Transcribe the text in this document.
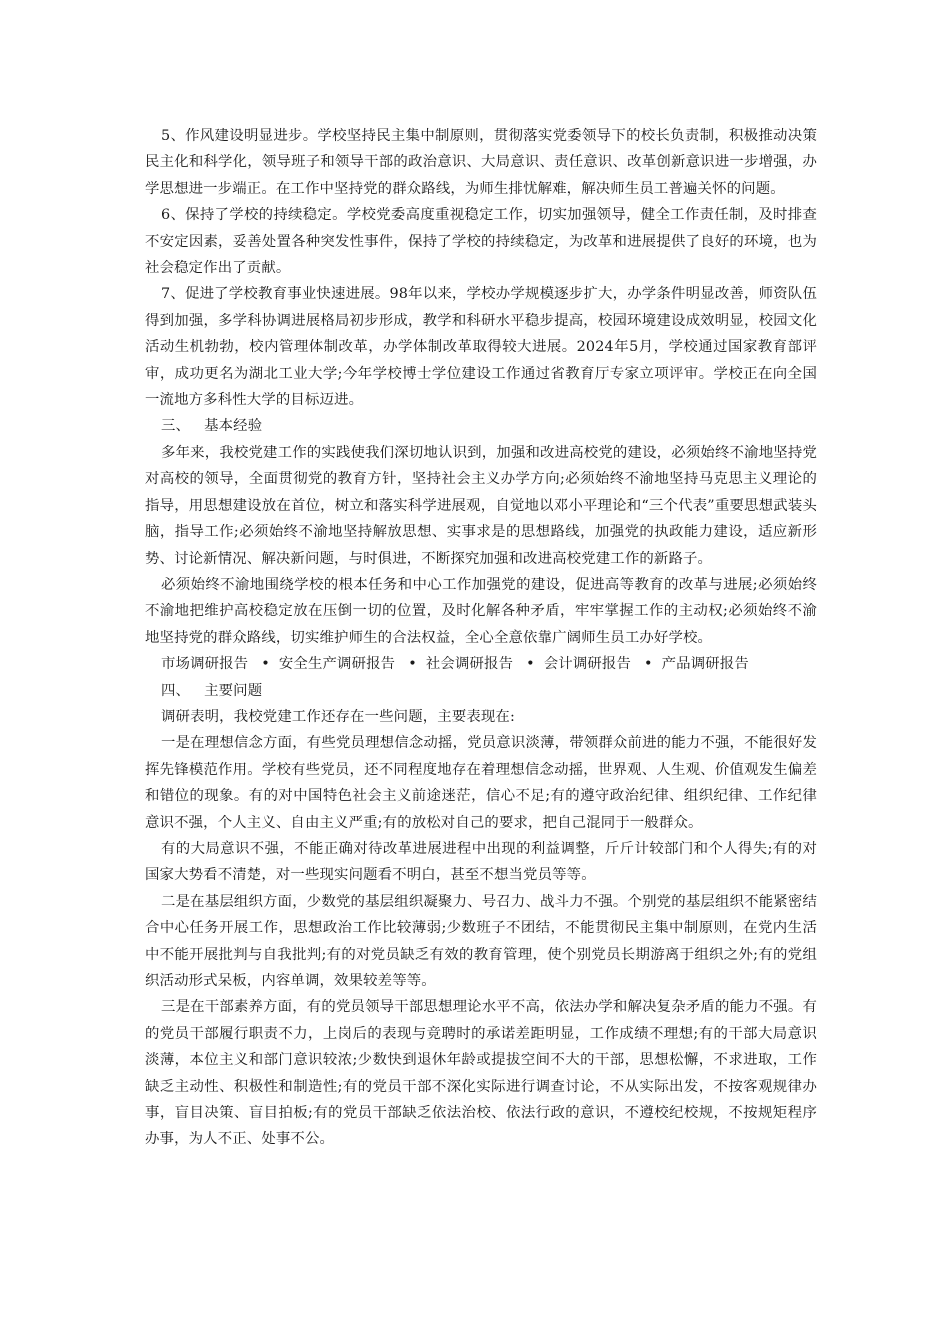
5、作风建设明显进步。学校坚持民主集中制原则，贯彻落实党委领导下的校长负责制，积极推动决策民主化和科学化，领导班子和领导干部的政治意识、大局意识、责任意识、改革创新意识进一步增强，办学思想进一步端正。在工作中坚持党的群众路线，为师生排忧解难，解决师生员工普遍关怀的问题。

6、保持了学校的持续稳定。学校党委高度重视稳定工作，切实加强领导，健全工作责任制，及时排查不安定因素，妥善处置各种突发性事件，保持了学校的持续稳定，为改革和进展提供了良好的环境，也为社会稳定作出了贡献。

7、促进了学校教育事业快速进展。98年以来，学校办学规模逐步扩大，办学条件明显改善，师资队伍得到加强，多学科协调进展格局初步形成，教学和科研水平稳步提高，校园环境建设成效明显，校园文化活动生机勃勃，校内管理体制改革，办学体制改革取得较大进展。2024年5月，学校通过国家教育部评审，成功更名为湖北工业大学;今年学校博士学位建设工作通过省教育厅专家立项评审。学校正在向全国一流地方多科性大学的目标迈进。

三、 基本经验

多年来，我校党建工作的实践使我们深切地认识到，加强和改进高校党的建设，必须始终不渝地坚持党对高校的领导，全面贯彻党的教育方针，坚持社会主义办学方向;必须始终不渝地坚持马克思主义理论的指导，用思想建设放在首位，树立和落实科学进展观，自觉地以邓小平理论和“三个代表”重要思想武装头脑，指导工作;必须始终不渝地坚持解放思想、实事求是的思想路线，加强党的执政能力建设，适应新形势、讨论新情况、解决新问题，与时俱进，不断探究加强和改进高校党建工作的新路子。

必须始终不渝地围绕学校的根本任务和中心工作加强党的建设，促进高等教育的改革与进展;必须始终不渝地把维护高校稳定放在压倒一切的位置，及时化解各种矛盾，牢牢掌握工作的主动权;必须始终不渝地坚持党的群众路线，切实维护师生的合法权益，全心全意依靠广阔师生员工办好学校。

市场调研报告 • 安全生产调研报告 • 社会调研报告 • 会计调研报告 • 产品调研报告

四、 主要问题

调研表明，我校党建工作还存在一些问题，主要表现在:

一是在理想信念方面，有些党员理想信念动摇，党员意识淡薄，带领群众前进的能力不强，不能很好发挥先锋模范作用。学校有些党员，还不同程度地存在着理想信念动摇，世界观、人生观、价值观发生偏差和错位的现象。有的对中国特色社会主义前途迷茫，信心不足;有的遵守政治纪律、组织纪律、工作纪律意识不强，个人主义、自由主义严重;有的放松对自己的要求，把自己混同于一般群众。

有的大局意识不强，不能正确对待改革进展进程中出现的利益调整，斤斤计较部门和个人得失;有的对国家大势看不清楚，对一些现实问题看不明白，甚至不想当党员等等。

二是在基层组织方面，少数党的基层组织凝聚力、号召力、战斗力不强。个别党的基层组织不能紧密结合中心任务开展工作，思想政治工作比较薄弱;少数班子不团结，不能贯彻民主集中制原则，在党内生活中不能开展批判与自我批判;有的对党员缺乏有效的教育管理，使个别党员长期游离于组织之外;有的党组织活动形式呆板，内容单调，效果较差等等。

三是在干部素养方面，有的党员领导干部思想理论水平不高，依法办学和解决复杂矛盾的能力不强。有的党员干部履行职责不力，上岗后的表现与竞聘时的承诺差距明显，工作成绩不理想;有的干部大局意识淡薄，本位主义和部门意识较浓;少数快到退休年龄或提拔空间不大的干部，思想松懈，不求进取，工作缺乏主动性、积极性和制造性;有的党员干部不深化实际进行调查讨论，不从实际出发，不按客观规律办事，盲目决策、盲目拍板;有的党员干部缺乏依法治校、依法行政的意识，不遵校纪校规，不按规矩程序办事，为人不正、处事不公。
